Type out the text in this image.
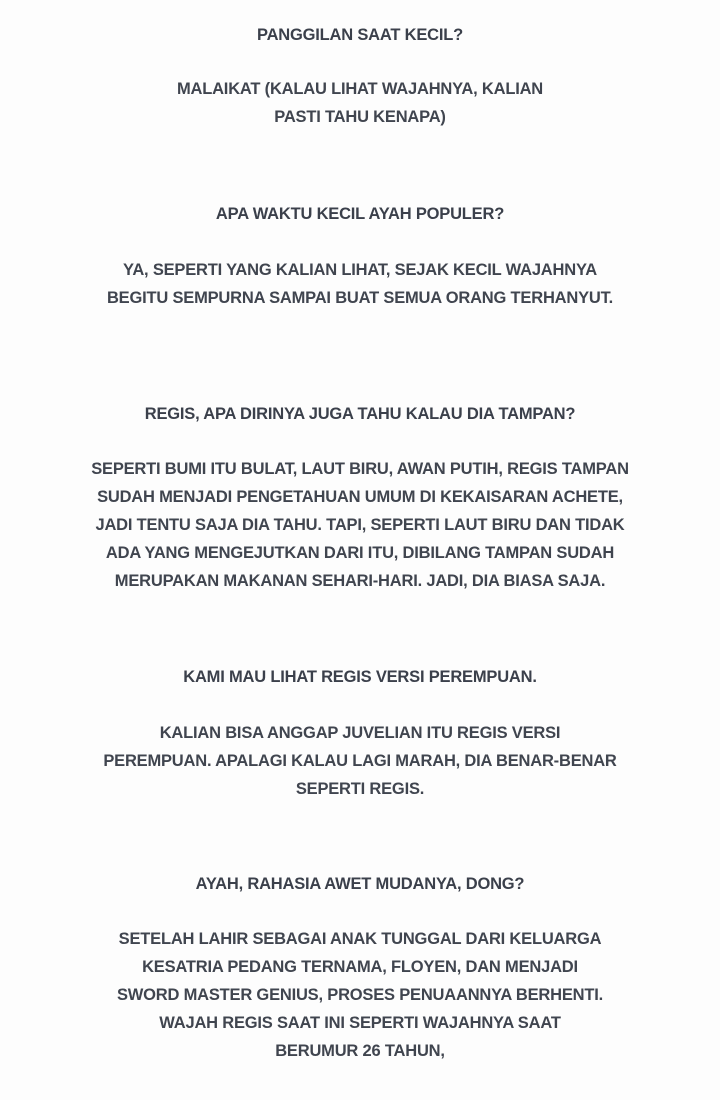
PANGGILAN SAAT KECIL?
MALAIKAT (KALAU LIHAT WAJAHNYA, KALIAN
PASTI TAHU KENAPA)
APA WAKTU KECIL AYAH POPULER?
YA, SEPERTI YANG KALIAN LIHAT, SEJAK KECIL WAJAHNYA
BEGITU SEMPURNA SAMPAI BUAT SEMUA ORANG TERHANYUT.
REGIS, APA DIRINYA JUGA TAHU KALAU DIA TAMPAN?
SEPERTI BUMI ITU BULAT, LAUT BIRU, AWAN PUTIH, REGIS TAMPAN
SUDAH MENJADI PENGETAHUAN UMUM DI KEKAISARAN ACHETE,
JADI TENTU SAJA DIA TAHU. TAPI, SEPERTI LAUT BIRU DAN TIDAK
ADA YANG MENGEJUTKAN DARI ITU, DIBILANG TAMPAN SUDAH
MERUPAKAN MAKANAN SEHARI-HARI. JADI, DIA BIASA SAJA.
KAMI MAU LIHAT REGIS VERSI PEREMPUAN.
KALIAN BISA ANGGAP JUVELIAN ITU REGIS VERSI
PEREMPUAN. APALAGI KALAU LAGI MARAH, DIA BENAR-BENAR
SEPERTI REGIS.
AYAH, RAHASIA AWET MUDANYA, DONG?
SETELAH LAHIR SEBAGAI ANAK TUNGGAL DARI KELUARGA
KESATRIA PEDANG TERNAMA, FLOYEN, DAN MENJADI
SWORD MASTER GENIUS, PROSES PENUAANNYA BERHENTI.
WAJAH REGIS SAAT INI SEPERTI WAJAHNYA SAAT
BERUMUR 26 TAHUN,
